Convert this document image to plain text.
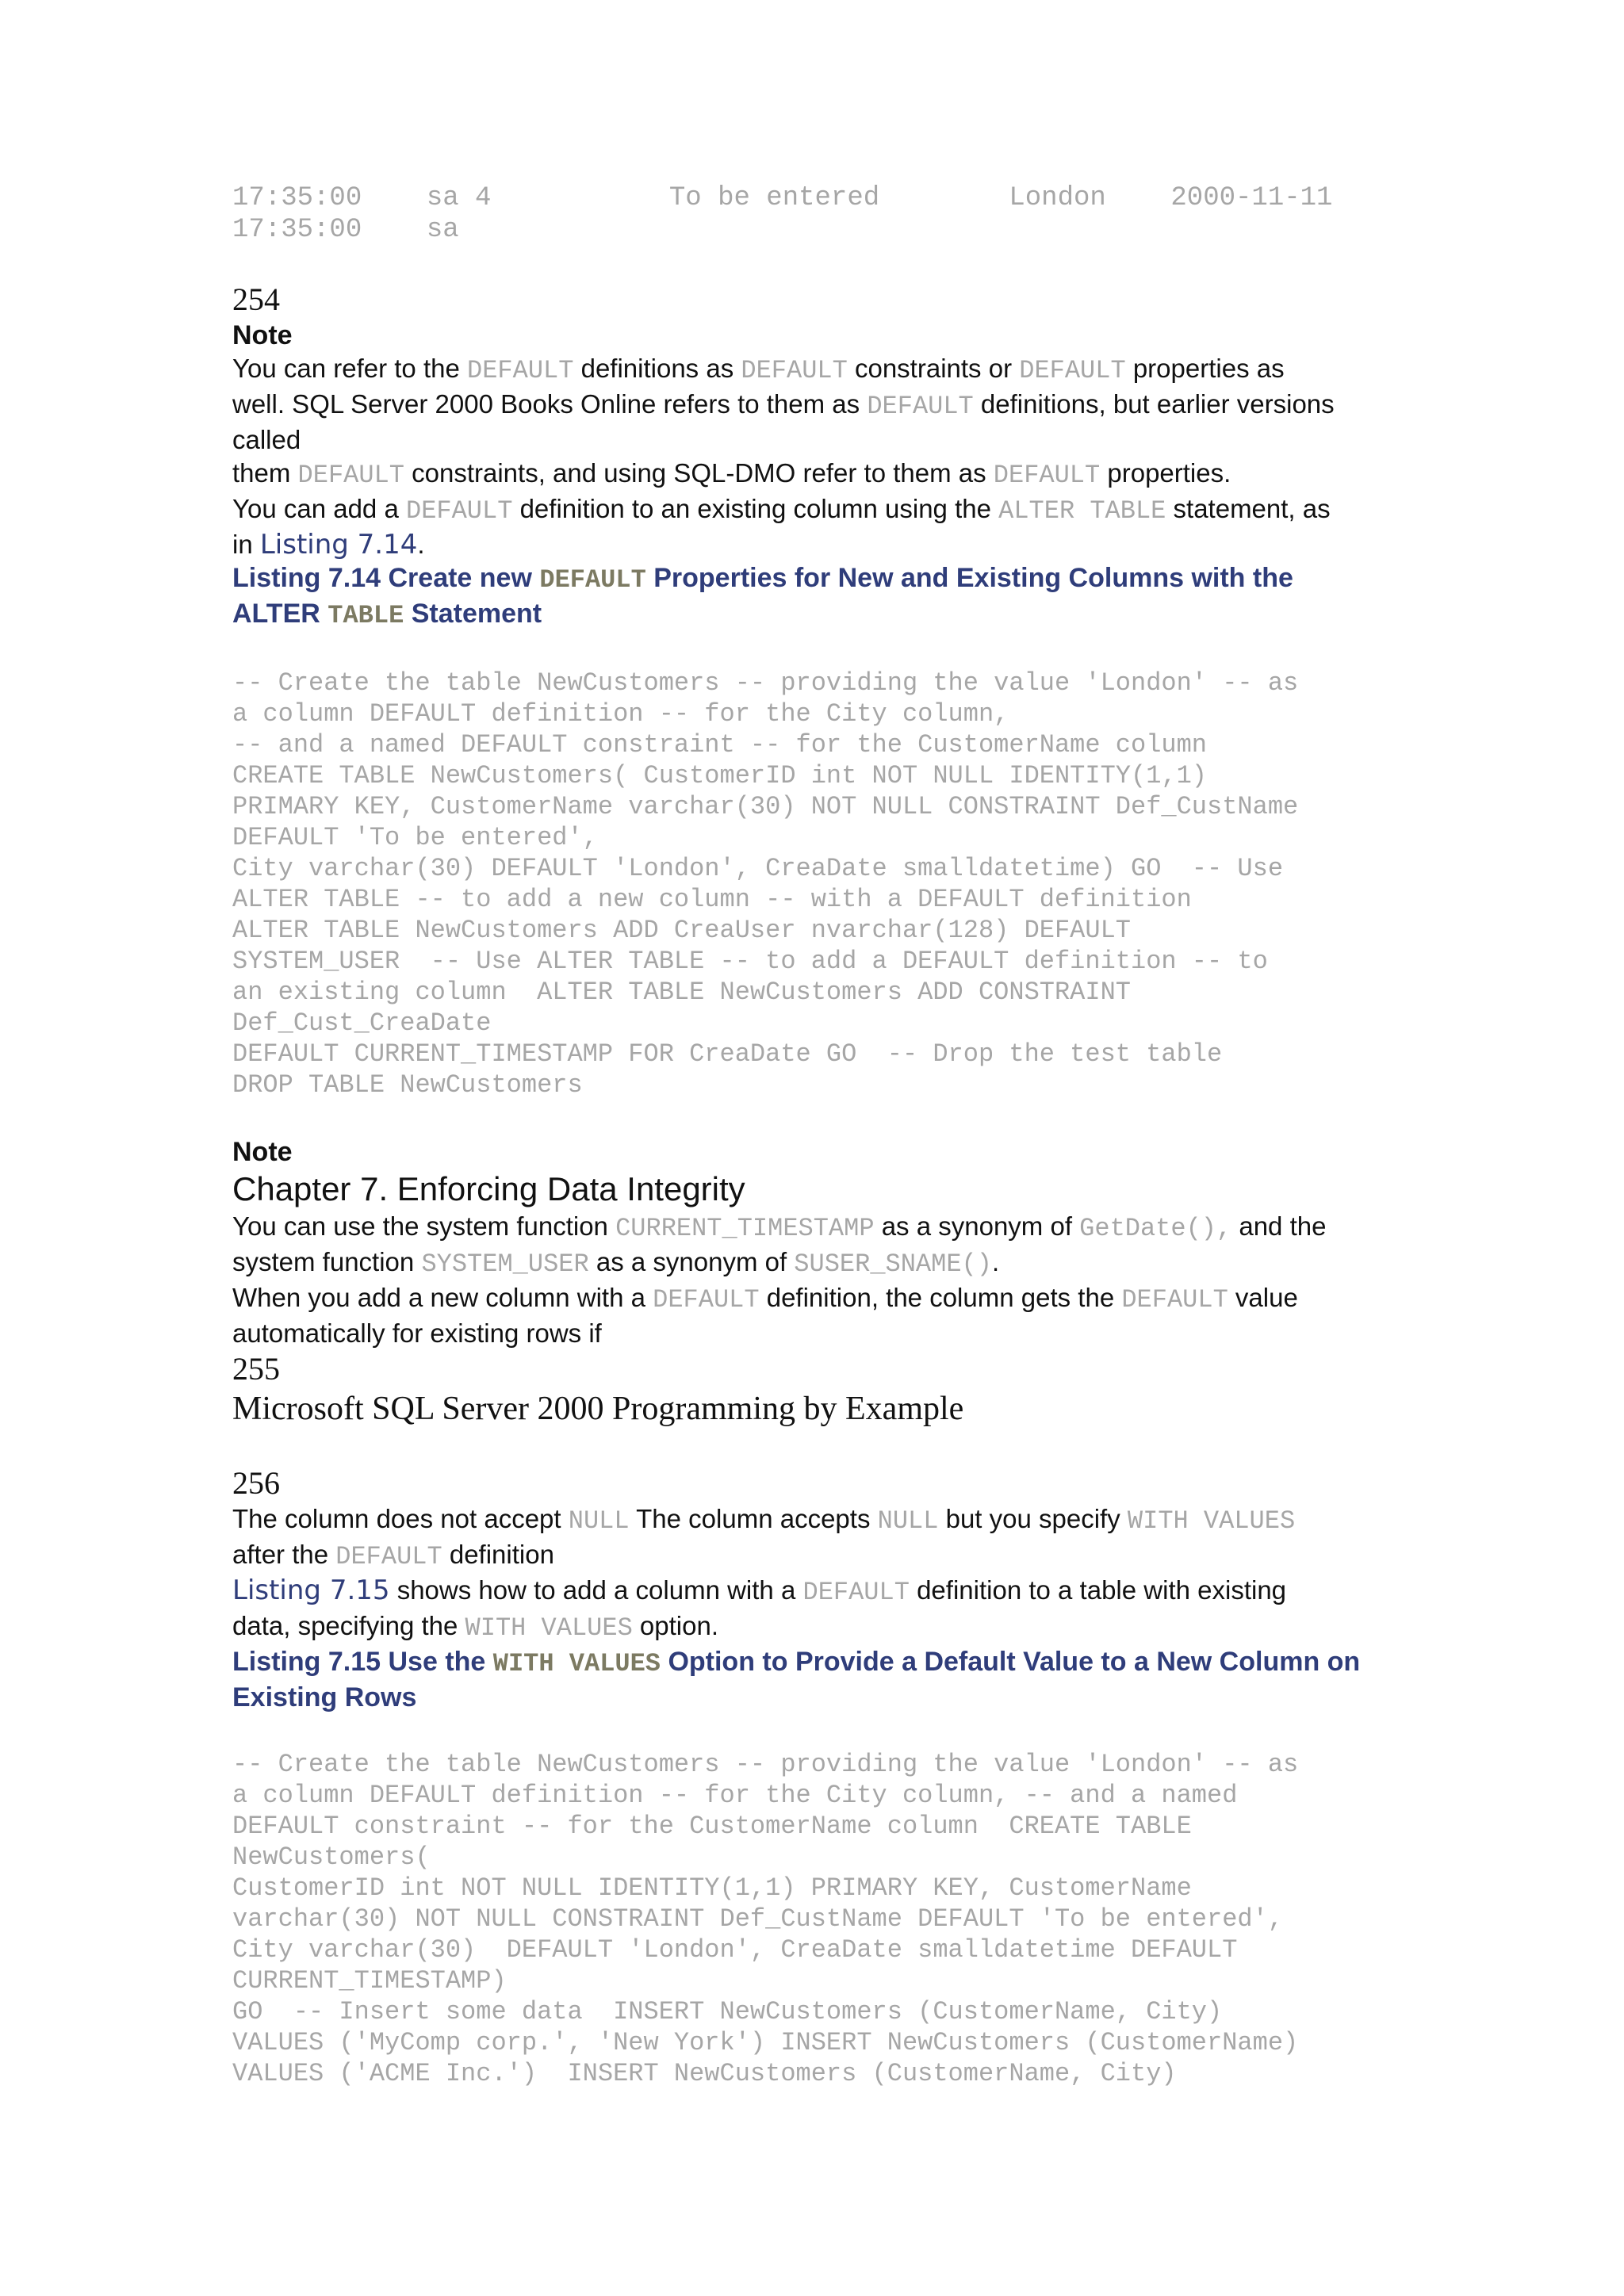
17:35:00    sa 4           To be entered        London    2000-11-11
17:35:00    sa
254
Note
You can refer to the DEFAULT definitions as DEFAULT constraints or DEFAULT properties as
well. SQL Server 2000 Books Online refers to them as DEFAULT definitions, but earlier versions
called
them DEFAULT constraints, and using SQL-DMO refer to them as DEFAULT properties.
You can add a DEFAULT definition to an existing column using the ALTER TABLE statement, as
in Listing 7.14.
Listing 7.14 Create new DEFAULT Properties for New and Existing Columns with the
ALTER TABLE Statement
-- Create the table NewCustomers -- providing the value 'London' -- as
a column DEFAULT definition -- for the City column,
-- and a named DEFAULT constraint -- for the CustomerName column
CREATE TABLE NewCustomers( CustomerID int NOT NULL IDENTITY(1,1)
PRIMARY KEY, CustomerName varchar(30) NOT NULL CONSTRAINT Def_CustName
DEFAULT 'To be entered',
City varchar(30) DEFAULT 'London', CreaDate smalldatetime) GO  -- Use
ALTER TABLE -- to add a new column -- with a DEFAULT definition
ALTER TABLE NewCustomers ADD CreaUser nvarchar(128) DEFAULT
SYSTEM_USER  -- Use ALTER TABLE -- to add a DEFAULT definition -- to
an existing column  ALTER TABLE NewCustomers ADD CONSTRAINT
Def_Cust_CreaDate
DEFAULT CURRENT_TIMESTAMP FOR CreaDate GO  -- Drop the test table
DROP TABLE NewCustomers
Note
Chapter 7. Enforcing Data Integrity
You can use the system function CURRENT_TIMESTAMP as a synonym of GetDate(), and the
system function SYSTEM_USER as a synonym of SUSER_SNAME().
When you add a new column with a DEFAULT definition, the column gets the DEFAULT value
automatically for existing rows if
255
Microsoft SQL Server 2000 Programming by Example
256
The column does not accept NULL The column accepts NULL but you specify WITH VALUES
after the DEFAULT definition
Listing 7.15 shows how to add a column with a DEFAULT definition to a table with existing
data, specifying the WITH VALUES option.
Listing 7.15 Use the WITH VALUES Option to Provide a Default Value to a New Column on
Existing Rows
-- Create the table NewCustomers -- providing the value 'London' -- as
a column DEFAULT definition -- for the City column, -- and a named
DEFAULT constraint -- for the CustomerName column  CREATE TABLE
NewCustomers(
CustomerID int NOT NULL IDENTITY(1,1) PRIMARY KEY, CustomerName
varchar(30) NOT NULL CONSTRAINT Def_CustName DEFAULT 'To be entered',
City varchar(30)  DEFAULT 'London', CreaDate smalldatetime DEFAULT
CURRENT_TIMESTAMP)
GO  -- Insert some data  INSERT NewCustomers (CustomerName, City)
VALUES ('MyComp corp.', 'New York') INSERT NewCustomers (CustomerName)
VALUES ('ACME Inc.')  INSERT NewCustomers (CustomerName, City)
